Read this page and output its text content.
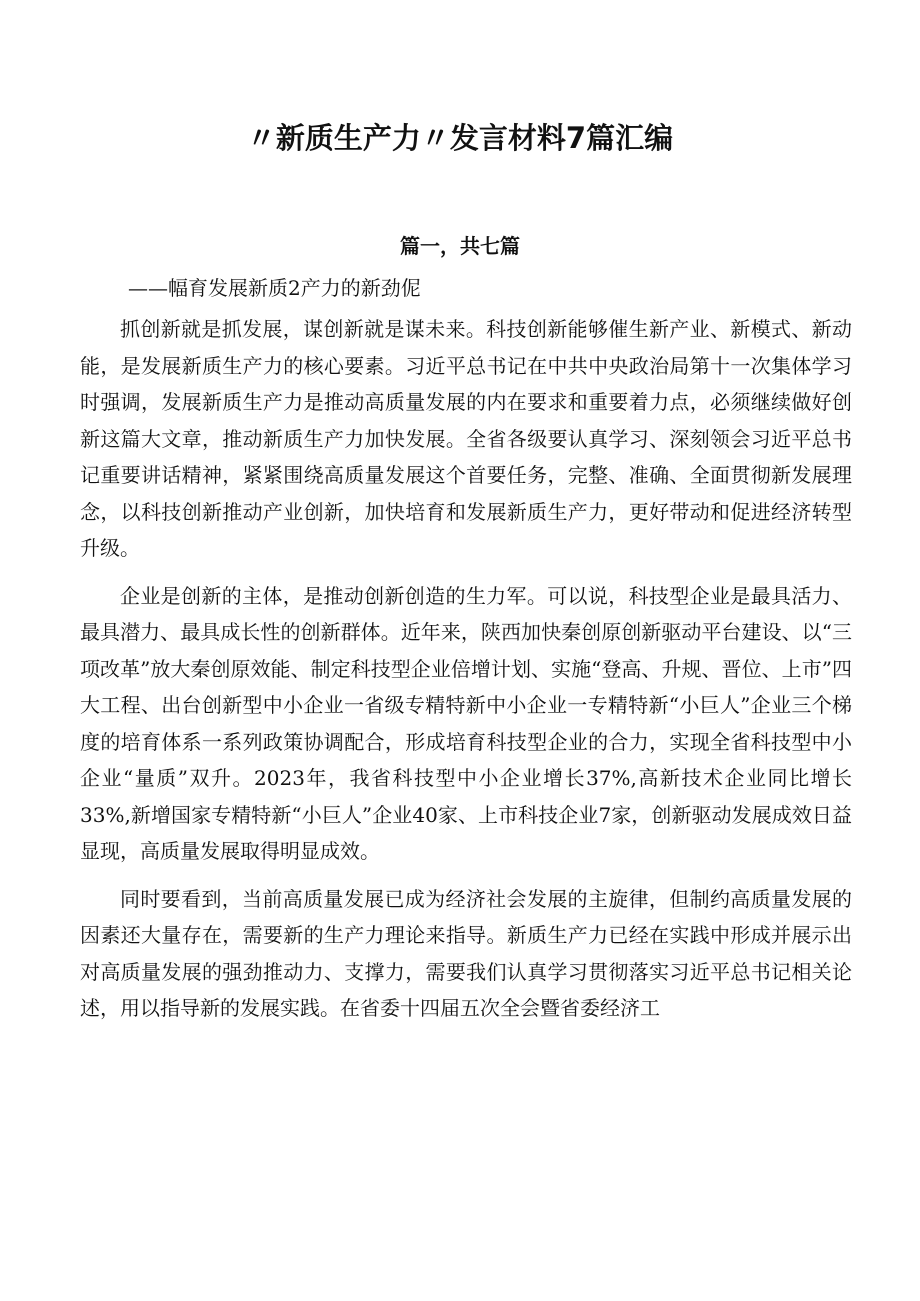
〃新质生产力〃发言材料7篇汇编
篇一，共七篇
——幅育发展新质2产力的新劲伲

抓创新就是抓发展，谋创新就是谋未来。科技创新能够催生新产业、新模式、新动能，是发展新质生产力的核心要素。习近平总书记在中共中央政治局第十一次集体学习时强调，发展新质生产力是推动高质量发展的内在要求和重要着力点，必须继续做好创新这篇大文章，推动新质生产力加快发展。全省各级要认真学习、深刻领会习近平总书记重要讲话精神，紧紧围绕高质量发展这个首要任务，完整、准确、全面贯彻新发展理念，以科技创新推动产业创新，加快培育和发展新质生产力，更好带动和促进经济转型升级。

企业是创新的主体，是推动创新创造的生力军。可以说，科技型企业是最具活力、最具潜力、最具成长性的创新群体。近年来，陕西加快秦创原创新驱动平台建设、以“三项改革”放大秦创原效能、制定科技型企业倍增计划、实施“登高、升规、晋位、上市”四大工程、出台创新型中小企业一省级专精特新中小企业一专精特新“小巨人”企业三个梯度的培育体系一系列政策协调配合，形成培育科技型企业的合力，实现全省科技型中小企业“量质”双升。2023年，我省科技型中小企业增长37%,高新技术企业同比增长33%,新增国家专精特新“小巨人”企业40家、上市科技企业7家，创新驱动发展成效日益显现，高质量发展取得明显成效。

同时要看到，当前高质量发展已成为经济社会发展的主旋律，但制约高质量发展的因素还大量存在，需要新的生产力理论来指导。新质生产力已经在实践中形成并展示出对高质量发展的强劲推动力、支撑力，需要我们认真学习贯彻落实习近平总书记相关论述，用以指导新的发展实践。在省委十四届五次全会暨省委经济工
